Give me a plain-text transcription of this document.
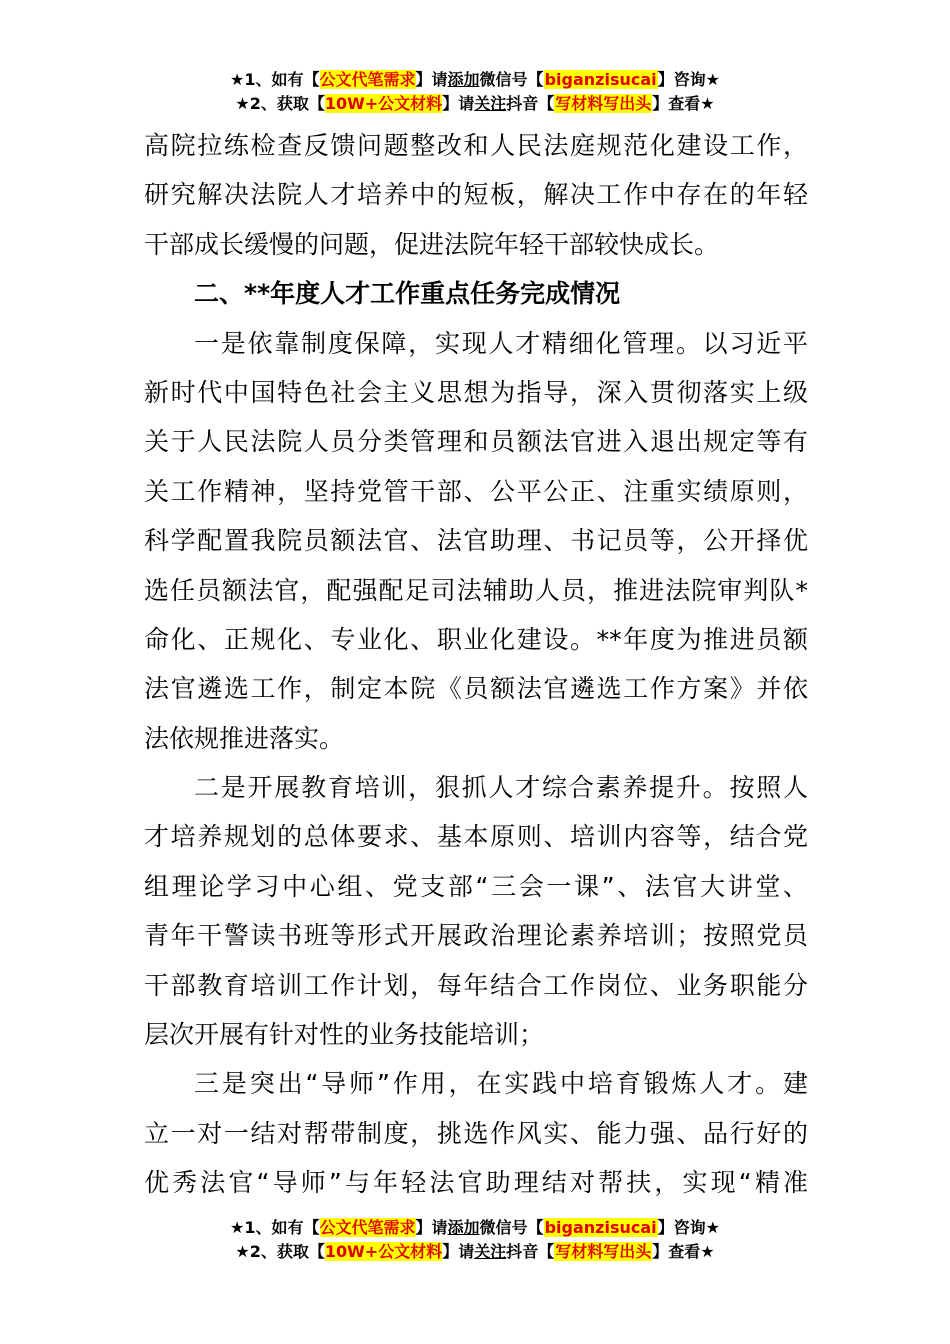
★1、如有【公文代笔需求】请添加微信号【biganzisucai】咨询★
★2、获取【10W+公文材料】请关注抖音【写材料写出头】查看★
高院拉练检查反馈问题整改和人民法庭规范化建设工作，
研究解决法院人才培养中的短板，解决工作中存在的年轻
干部成长缓慢的问题，促进法院年轻干部较快成长。
二、**年度人才工作重点任务完成情况
一是依靠制度保障，实现人才精细化管理。以习近平
新时代中国特色社会主义思想为指导，深入贯彻落实上级
关于人民法院人员分类管理和员额法官进入退出规定等有
关工作精神，坚持党管干部、公平公正、注重实绩原则，
科学配置我院员额法官、法官助理、书记员等，公开择优
选任员额法官，配强配足司法辅助人员，推进法院审判队*
命化、正规化、专业化、职业化建设。**年度为推进员额
法官遴选工作，制定本院《员额法官遴选工作方案》并依
法依规推进落实。
二是开展教育培训，狠抓人才综合素养提升。按照人
才培养规划的总体要求、基本原则、培训内容等，结合党
组理论学习中心组、党支部“三会一课”、法官大讲堂、
青年干警读书班等形式开展政治理论素养培训；按照党员
干部教育培训工作计划，每年结合工作岗位、业务职能分
层次开展有针对性的业务技能培训；
三是突出“导师”作用，在实践中培育锻炼人才。建
立一对一结对帮带制度，挑选作风实、能力强、品行好的
优秀法官“导师”与年轻法官助理结对帮扶，实现“精准
★1、如有【公文代笔需求】请添加微信号【biganzisucai】咨询★
★2、获取【10W+公文材料】请关注抖音【写材料写出头】查看★
